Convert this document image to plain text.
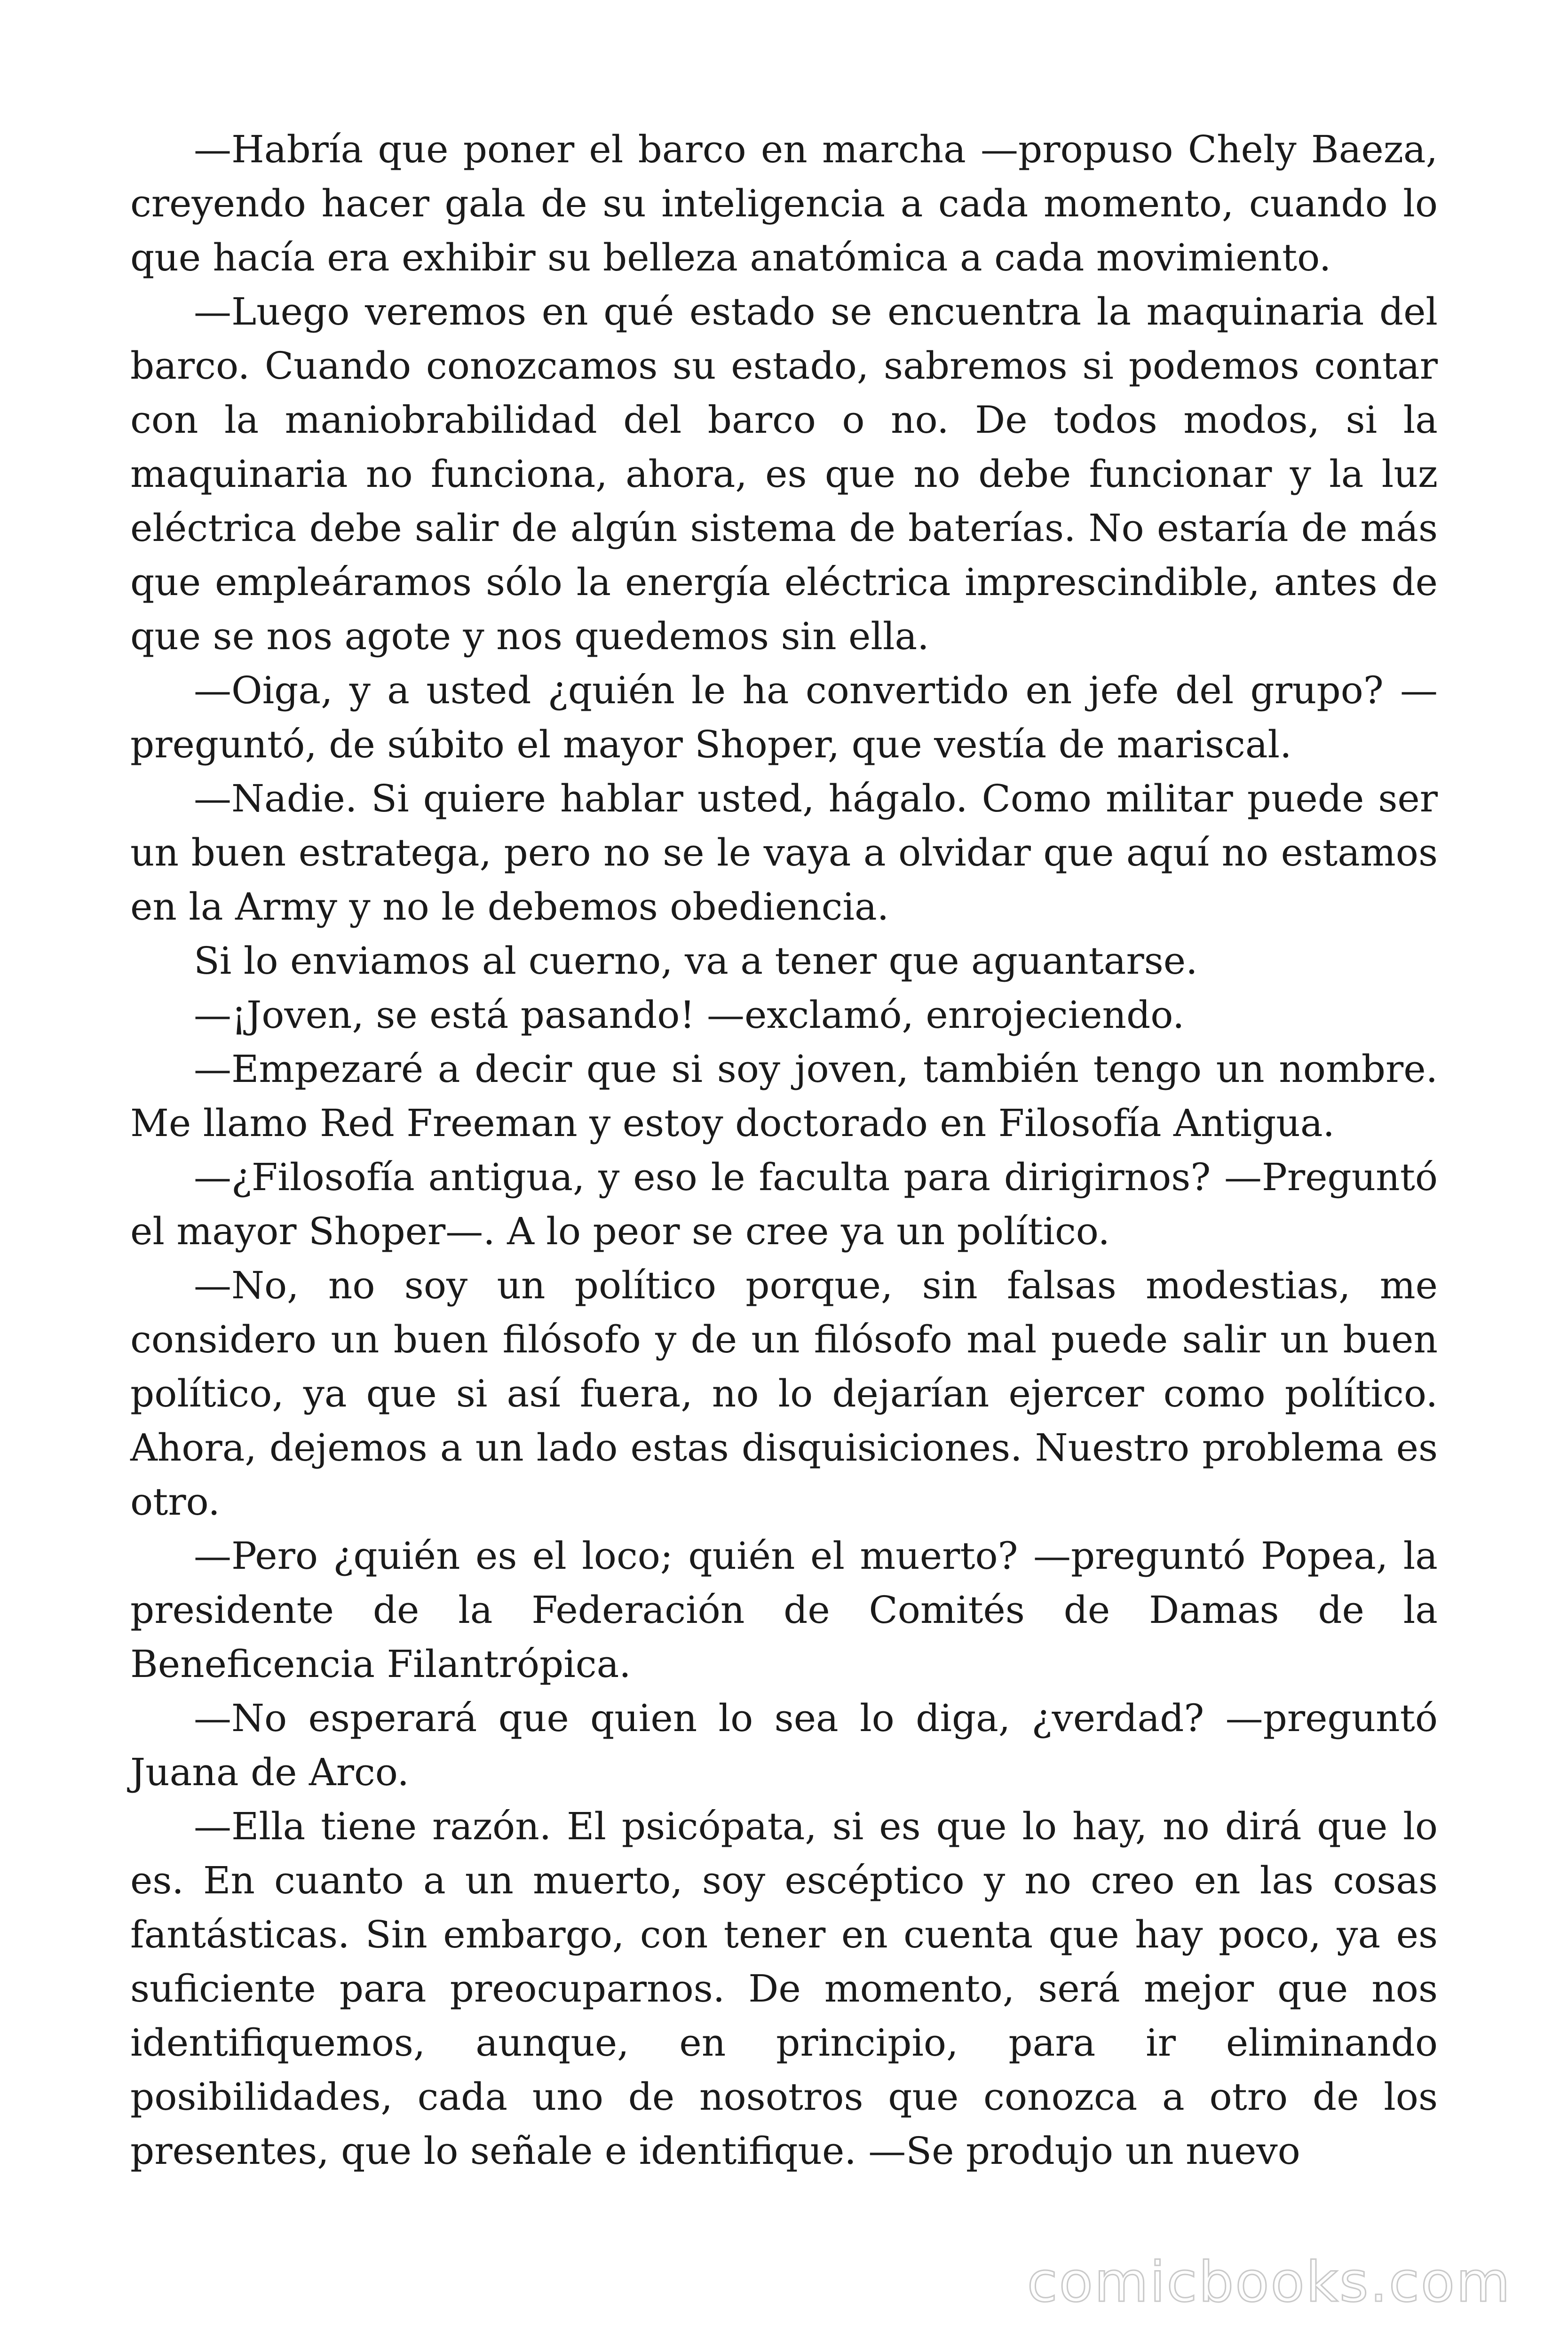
—Habría que poner el barco en marcha —propuso Chely Baeza, creyendo hacer gala de su inteligencia a cada momento, cuando lo que hacía era exhibir su belleza anatómica a cada movimiento.

—Luego veremos en qué estado se encuentra la maquinaria del barco. Cuando conozcamos su estado, sabremos si podemos contar con la maniobrabilidad del barco o no. De todos modos, si la maquinaria no funciona, ahora, es que no debe funcionar y la luz eléctrica debe salir de algún sistema de baterías. No estaría de más que empleáramos sólo la energía eléctrica imprescindible, antes de que se nos agote y nos quedemos sin ella.

—Oiga, y a usted ¿quién le ha convertido en jefe del grupo? —preguntó, de súbito el mayor Shoper, que vestía de mariscal.

—Nadie. Si quiere hablar usted, hágalo. Como militar puede ser un buen estratega, pero no se le vaya a olvidar que aquí no estamos en la Army y no le debemos obediencia.

Si lo enviamos al cuerno, va a tener que aguantarse.

—¡Joven, se está pasando! —exclamó, enrojeciendo.

—Empezaré a decir que si soy joven, también tengo un nombre. Me llamo Red Freeman y estoy doctorado en Filosofía Antigua.

—¿Filosofía antigua, y eso le faculta para dirigirnos? —Preguntó el mayor Shoper—. A lo peor se cree ya un político.

—No, no soy un político porque, sin falsas modestias, me considero un buen filósofo y de un filósofo mal puede salir un buen político, ya que si así fuera, no lo dejarían ejercer como político. Ahora, dejemos a un lado estas disquisiciones. Nuestro problema es otro.

—Pero ¿quién es el loco; quién el muerto? —preguntó Popea, la presidente de la Federación de Comités de Damas de la Beneficencia Filantrópica.

—No esperará que quien lo sea lo diga, ¿verdad? —preguntó Juana de Arco.

—Ella tiene razón. El psicópata, si es que lo hay, no dirá que lo es. En cuanto a un muerto, soy escéptico y no creo en las cosas fantásticas. Sin embargo, con tener en cuenta que hay poco, ya es suficiente para preocuparnos. De momento, será mejor que nos identifiquemos, aunque, en principio, para ir eliminando posibilidades, cada uno de nosotros que conozca a otro de los presentes, que lo señale e identifique. —Se produjo un nuevo

comicbooks.com
